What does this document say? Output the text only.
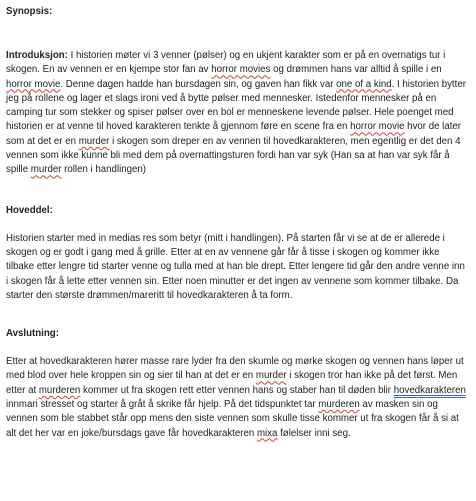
Synopsis:

Introduksjon: I historien møter vi 3 venner (pølser) og en ukjent karakter som er på en overnatigs tur i skogen. En av vennen er en kjempe stor fan av horror movies og drømmen hans var alltid å spille i en horror movie. Denne dagen hadde han bursdagen sin, og gaven han fikk var one of a kind. I historien bytter jeg på rollene og lager et slags ironi ved å bytte pølser med mennesker. Istedenfor mennesker på en camping tur som stekker og spiser pølser over en bol er menneskene levende pølser. Hele poenget med historien er at venne til hoved karakteren tenkte å gjennom føre en scene fra en horror movie hvor de later som at det er en murder i skogen som dreper en av vennen til hovedkarakteren, men egentlig er det den 4 vennen som ikke kunne bli med dem på overnattingsturen fordi han var syk (Han sa at han var syk får å spille murder rollen i handlingen)

Hoveddel:

Historien starter med in medias res som betyr (mitt i handlingen). På starten får vi se at de er allerede i skogen og er godt i gang med å grille. Etter at en av vennene går får å tisse i skogen og kommer ikke tilbake etter lengre tid starter venne og tulla med at han ble drept. Etter lengere tid går den andre venne inn i skogen får å lette etter vennen sin. Etter noen minutter er det ingen av vennene som kommer tilbake. Da starter den største drømmen/mareritt til hovedkarakteren å ta form.

Avslutning:

Etter at hovedkarakteren hører masse rare lyder fra den skumle og mørke skogen og vennen hans løper ut med blod over hele kroppen sin og sier til han at det er en murder i skogen tror han ikke på det først. Men etter at murderen kommer ut fra skogen rett etter vennen hans og staber han til døden blir hovedkarakteren innmari stresset og starter å gråt å skrike får hjelp. På det tidspunktet tar murderen av masken sin og vennen som ble stabbet står opp mens den siste vennen som skulle tisse kommer ut fra skogen får å si at alt det her var en joke/bursdags gave får hovedkarakteren mixa følelser inni seg.
